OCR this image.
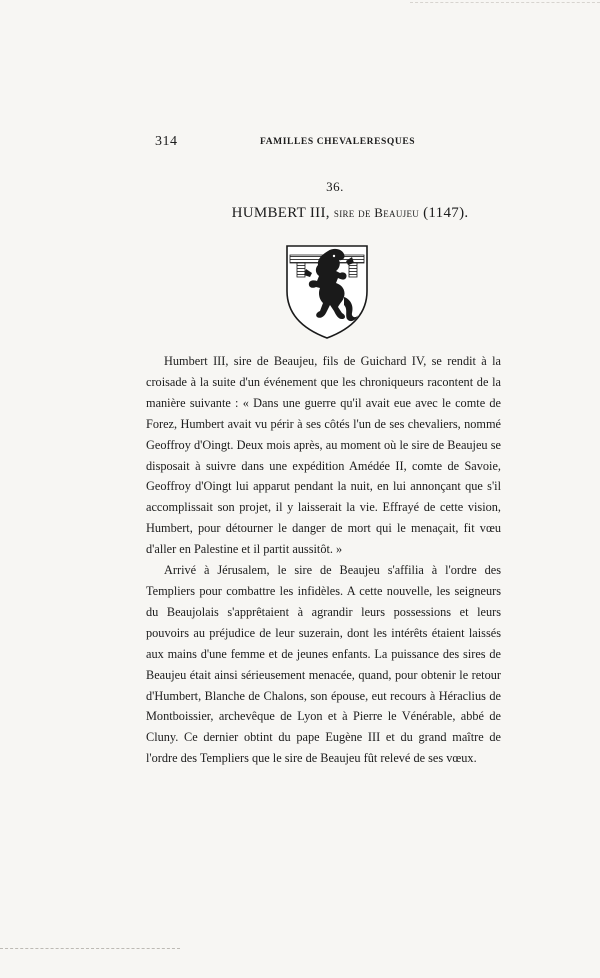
314	FAMILLES CHEVALERESQUES
36.
HUMBERT III, sire de Beaujeu (1147).

Humbert III, sire de Beaujeu, fils de Guichard IV, se rendit à la croisade à la suite d'un événement que les chroniqueurs racontent de la manière suivante : « Dans une guerre qu'il avait eue avec le comte de Forez, Humbert avait vu périr à ses côtés l'un de ses chevaliers, nommé Geoffroy d'Oingt. Deux mois après, au moment où le sire de Beaujeu se disposait à suivre dans une expédition Amédée II, comte de Savoie, Geoffroy d'Oingt lui apparut pendant la nuit, en lui annonçant que s'il accomplissait son projet, il y laisserait la vie. Effrayé de cette vision, Humbert, pour détourner le danger de mort qui le menaçait, fit vœu d'aller en Palestine et il partit aussitôt. »

Arrivé à Jérusalem, le sire de Beaujeu s'affilia à l'ordre des Templiers pour combattre les infidèles. A cette nouvelle, les seigneurs du Beaujolais s'apprêtaient à agrandir leurs possessions et leurs pouvoirs au préjudice de leur suzerain, dont les intérêts étaient laissés aux mains d'une femme et de jeunes enfants. La puissance des sires de Beaujeu était ainsi sérieusement menacée, quand, pour obtenir le retour d'Humbert, Blanche de Chalons, son épouse, eut recours à Héraclius de Montboissier, archevêque de Lyon et à Pierre le Vénérable, abbé de Cluny. Ce dernier obtint du pape Eugène III et du grand maître de l'ordre des Templiers que le sire de Beaujeu fût relevé de ses vœux.
